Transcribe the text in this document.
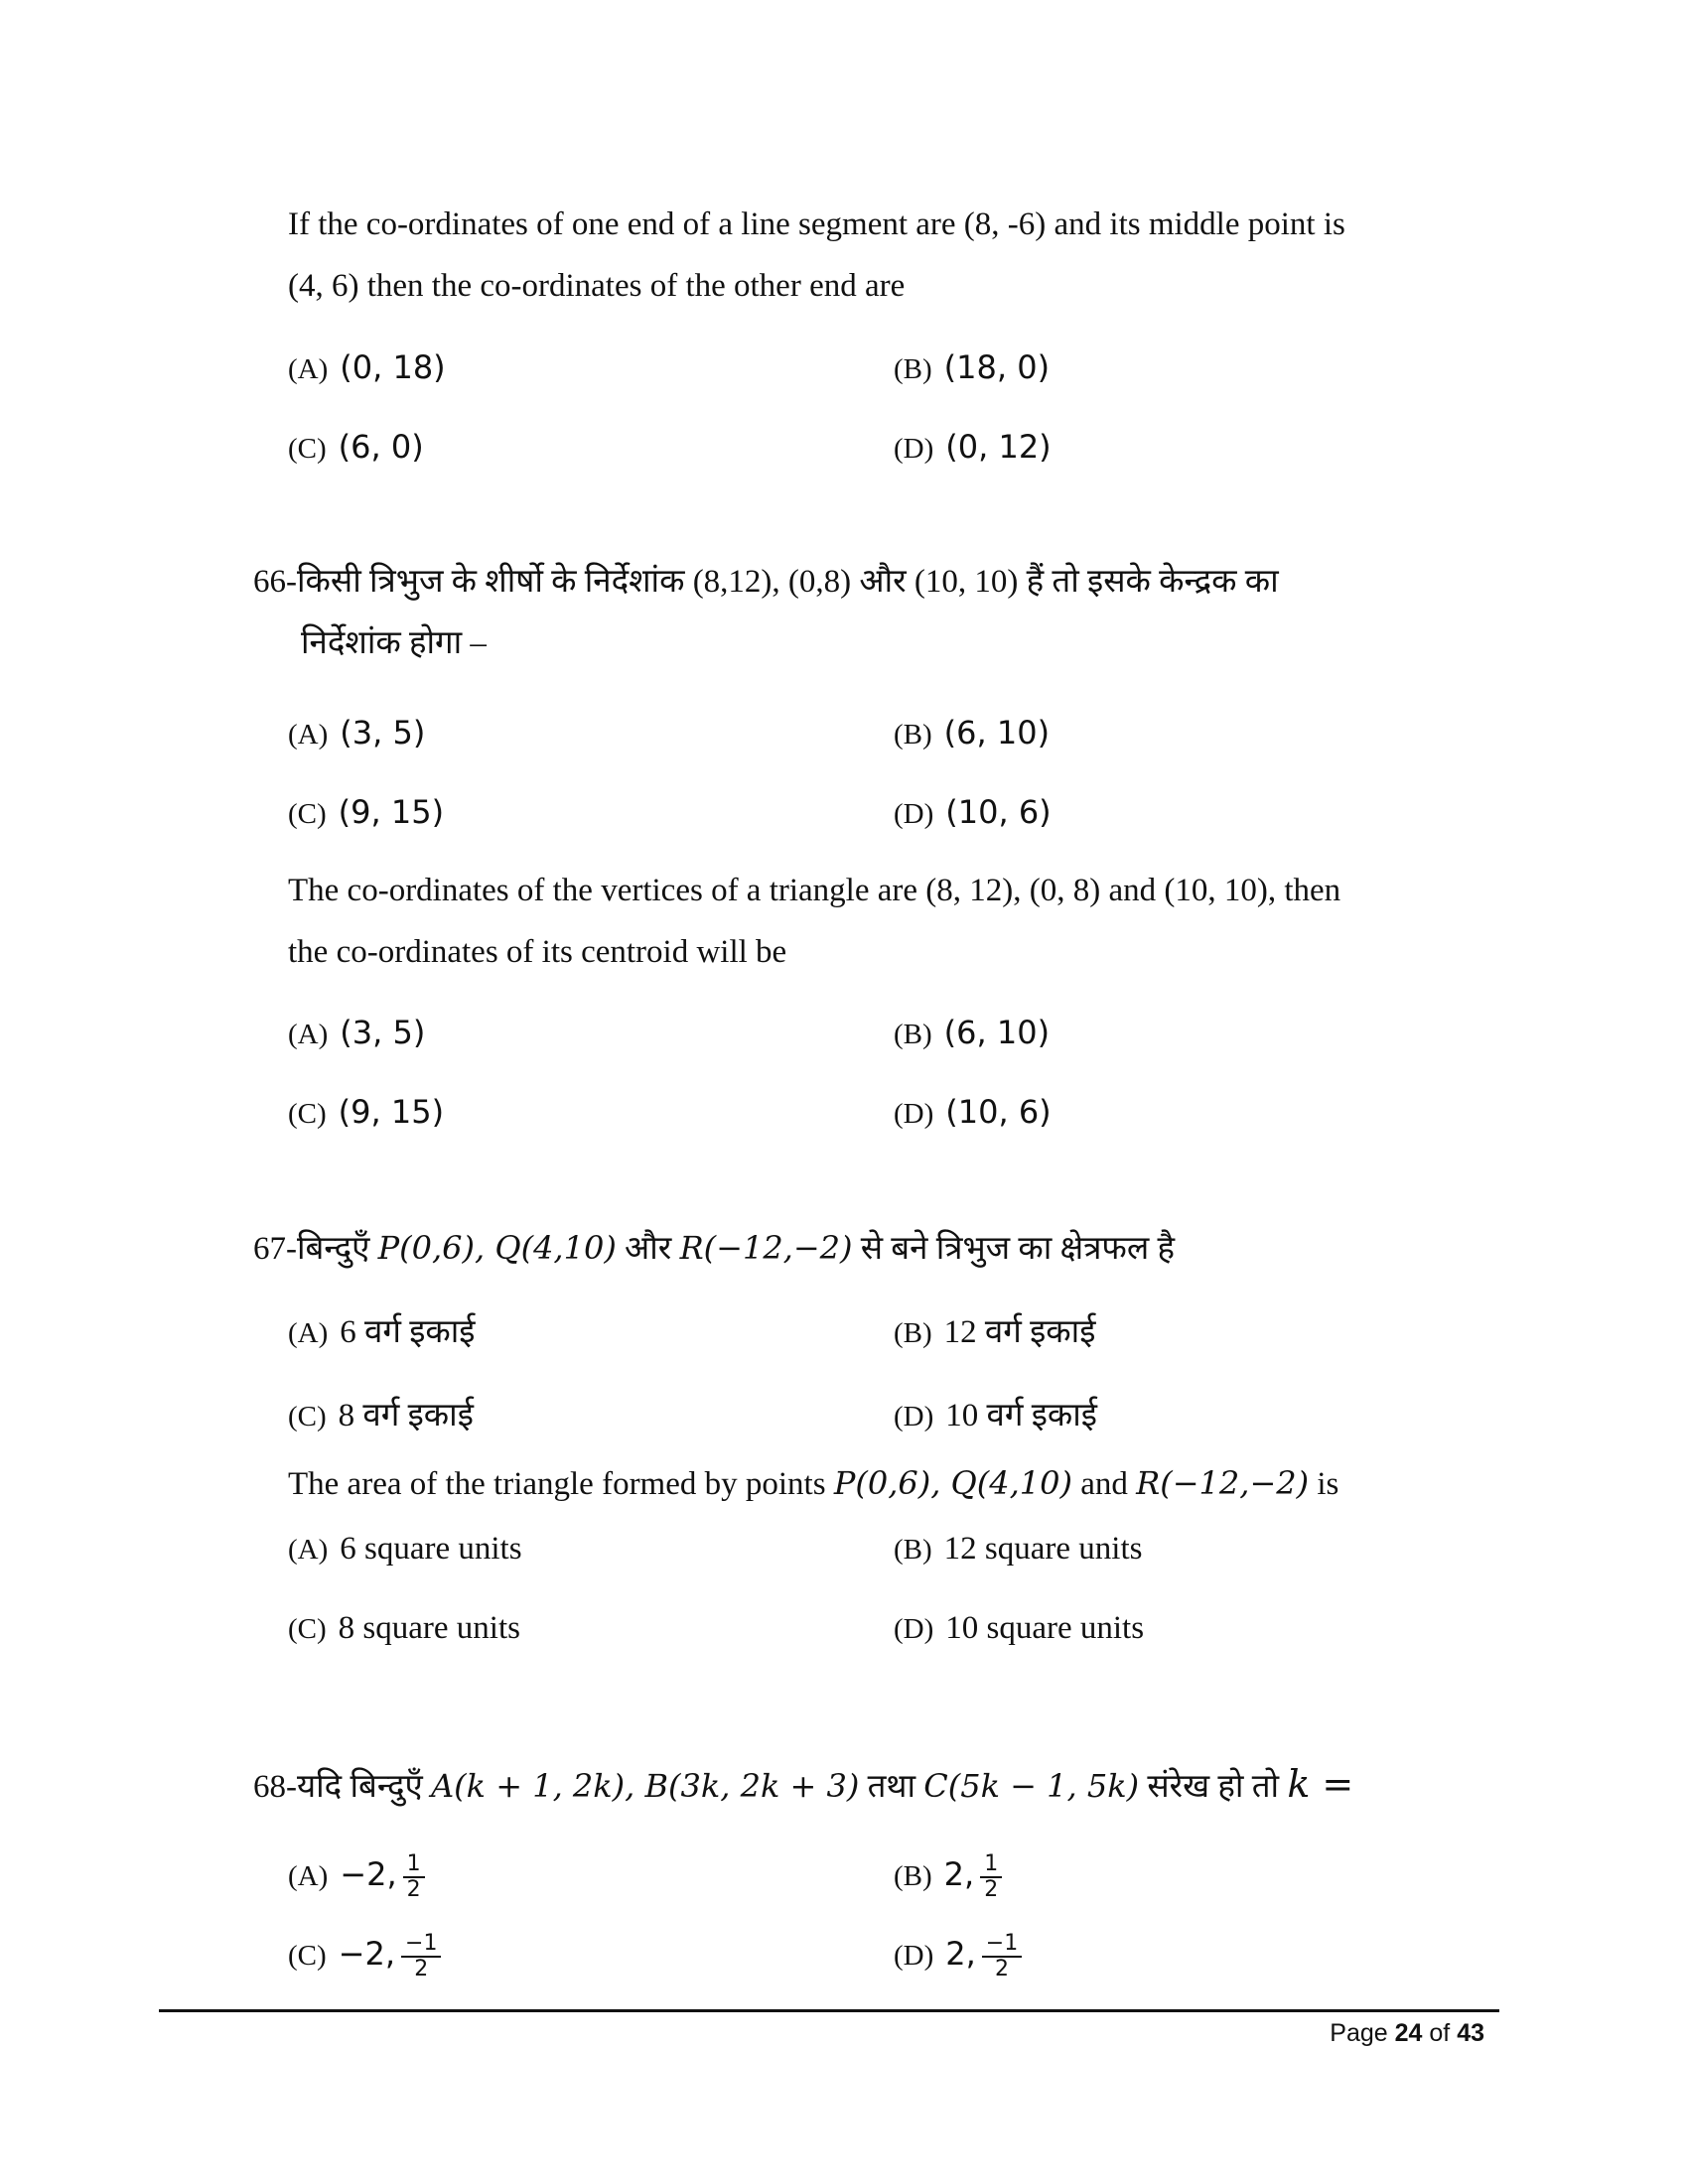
If the co-ordinates of one end of a line segment are (8, -6) and its middle point is
(4, 6) then the co-ordinates of the other end are
(A) (0, 18)	(B) (18, 0)
(C) (6, 0)	(D) (0, 12)
66-किसी त्रिभुज के शीर्षो के निर्देशांक (8,12), (0,8) और (10, 10) हैं तो इसके केन्द्रक का

निर्देशांक होगा –
(A) (3, 5)	(B) (6, 10)
(C) (9, 15)	(D) (10, 6)
The co-ordinates of the vertices of a triangle are (8, 12), (0, 8) and (10, 10), then
the co-ordinates of its centroid will be
(A) (3, 5)	(B) (6, 10)
(C) (9, 15)	(D) (10, 6)
67-बिन्दुएँ P(0,6), Q(4,10) और R(−12,−2) से बने त्रिभुज का क्षेत्रफल है
(A) 6 वर्ग इकाई	(B) 12 वर्ग इकाई
(C) 8 वर्ग इकाई	(D) 10 वर्ग इकाई
The area of the triangle formed by points P(0,6), Q(4,10) and R(−12,−2) is
(A) 6 square units	(B) 12 square units
(C) 8 square units	(D) 10 square units
68-यदि बिन्दुएँ A(k + 1, 2k), B(3k, 2k + 3) तथा C(5k − 1, 5k) संरेख हो तो k =
(A) −2, $\frac{1}{2}$	(B) 2, $\frac{1}{2}$
(C) −2, $\frac{-1}{2}$	(D) 2, $\frac{-1}{2}$
Page 24 of 43
